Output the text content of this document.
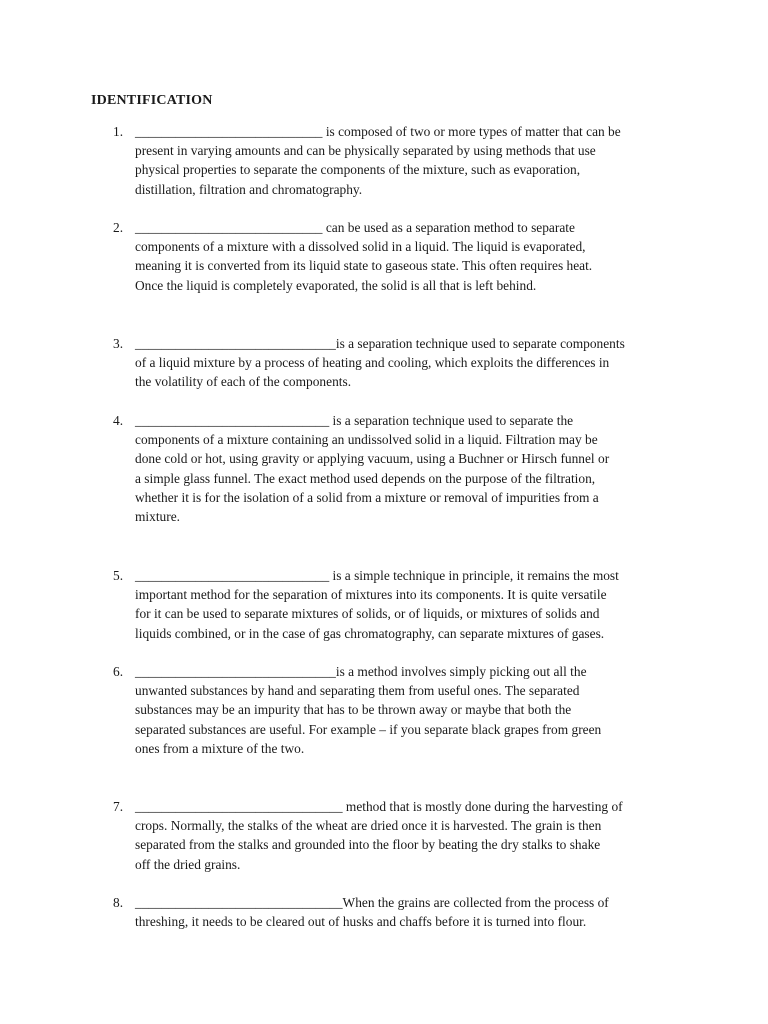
IDENTIFICATION
1. ____________________________ is composed of two or more types of matter that can be
present in varying amounts and can be physically separated by using methods that use
physical properties to separate the components of the mixture, such as evaporation,
distillation, filtration and chromatography.
2. ____________________________ can be used as a separation method to separate
components of a mixture with a dissolved solid in a liquid. The liquid is evaporated,
meaning it is converted from its liquid state to gaseous state. This often requires heat.
Once the liquid is completely evaporated, the solid is all that is left behind.
3. ______________________________is a separation technique used to separate components
of a liquid mixture by a process of heating and cooling, which exploits the differences in
the volatility of each of the components.
4. _____________________________ is a separation technique used to separate the
components of a mixture containing an undissolved solid in a liquid. Filtration may be
done cold or hot, using gravity or applying vacuum, using a Buchner or Hirsch funnel or
a simple glass funnel. The exact method used depends on the purpose of the filtration,
whether it is for the isolation of a solid from a mixture or removal of impurities from a
mixture.
5. _____________________________ is a simple technique in principle, it remains the most
important method for the separation of mixtures into its components. It is quite versatile
for it can be used to separate mixtures of solids, or of liquids, or mixtures of solids and
liquids combined, or in the case of gas chromatography, can separate mixtures of gases.
6. ______________________________is a method involves simply picking out all the
unwanted substances by hand and separating them from useful ones. The separated
substances may be an impurity that has to be thrown away or maybe that both the
separated substances are useful. For example – if you separate black grapes from green
ones from a mixture of the two.
7. _______________________________ method that is mostly done during the harvesting of
crops. Normally, the stalks of the wheat are dried once it is harvested. The grain is then
separated from the stalks and grounded into the floor by beating the dry stalks to shake
off the dried grains.
8. _______________________________When the grains are collected from the process of
threshing, it needs to be cleared out of husks and chaffs before it is turned into flour.
